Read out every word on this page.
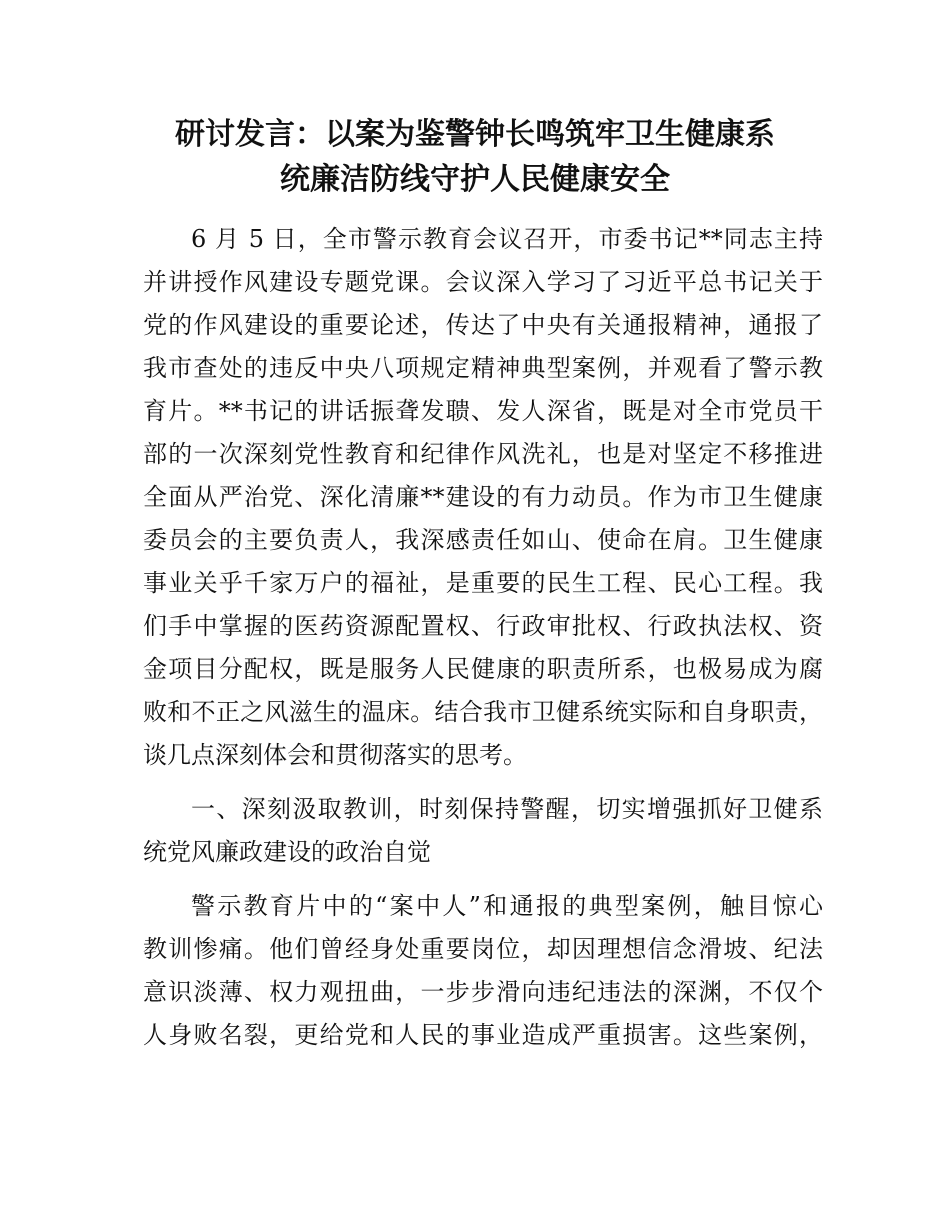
研讨发言：以案为鉴警钟长鸣筑牢卫生健康系
统廉洁防线守护人民健康安全
6 月 5 日，全市警示教育会议召开，市委书记**同志主持
并讲授作风建设专题党课。会议深入学习了习近平总书记关于
党的作风建设的重要论述，传达了中央有关通报精神，通报了
我市查处的违反中央八项规定精神典型案例，并观看了警示教
育片。**书记的讲话振聋发聩、发人深省，既是对全市党员干
部的一次深刻党性教育和纪律作风洗礼，也是对坚定不移推进
全面从严治党、深化清廉**建设的有力动员。作为市卫生健康
委员会的主要负责人，我深感责任如山、使命在肩。卫生健康
事业关乎千家万户的福祉，是重要的民生工程、民心工程。我
们手中掌握的医药资源配置权、行政审批权、行政执法权、资
金项目分配权，既是服务人民健康的职责所系，也极易成为腐
败和不正之风滋生的温床。结合我市卫健系统实际和自身职责，
谈几点深刻体会和贯彻落实的思考。
一、深刻汲取教训，时刻保持警醒，切实增强抓好卫健系
统党风廉政建设的政治自觉
警示教育片中的“案中人”和通报的典型案例，触目惊心
教训惨痛。他们曾经身处重要岗位，却因理想信念滑坡、纪法
意识淡薄、权力观扭曲，一步步滑向违纪违法的深渊，不仅个
人身败名裂，更给党和人民的事业造成严重损害。这些案例，
